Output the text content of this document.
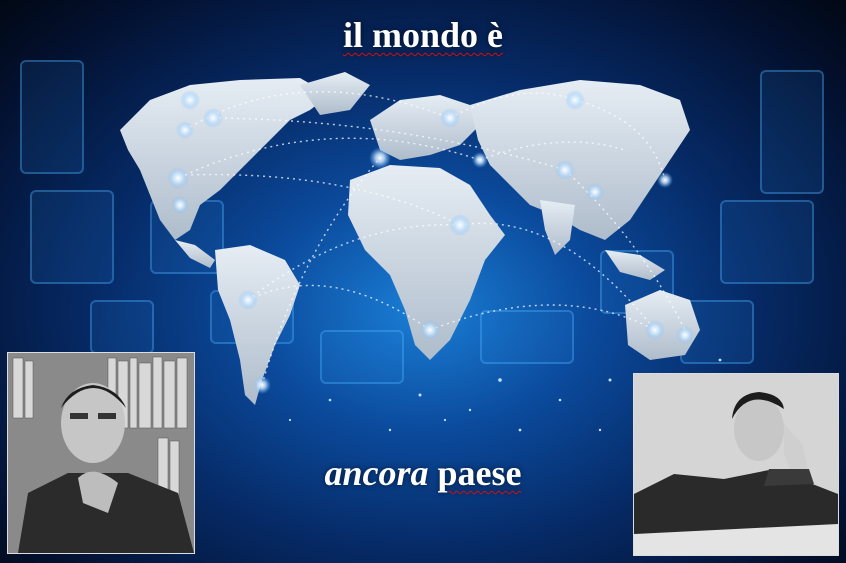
il mondo è
ancora paese
